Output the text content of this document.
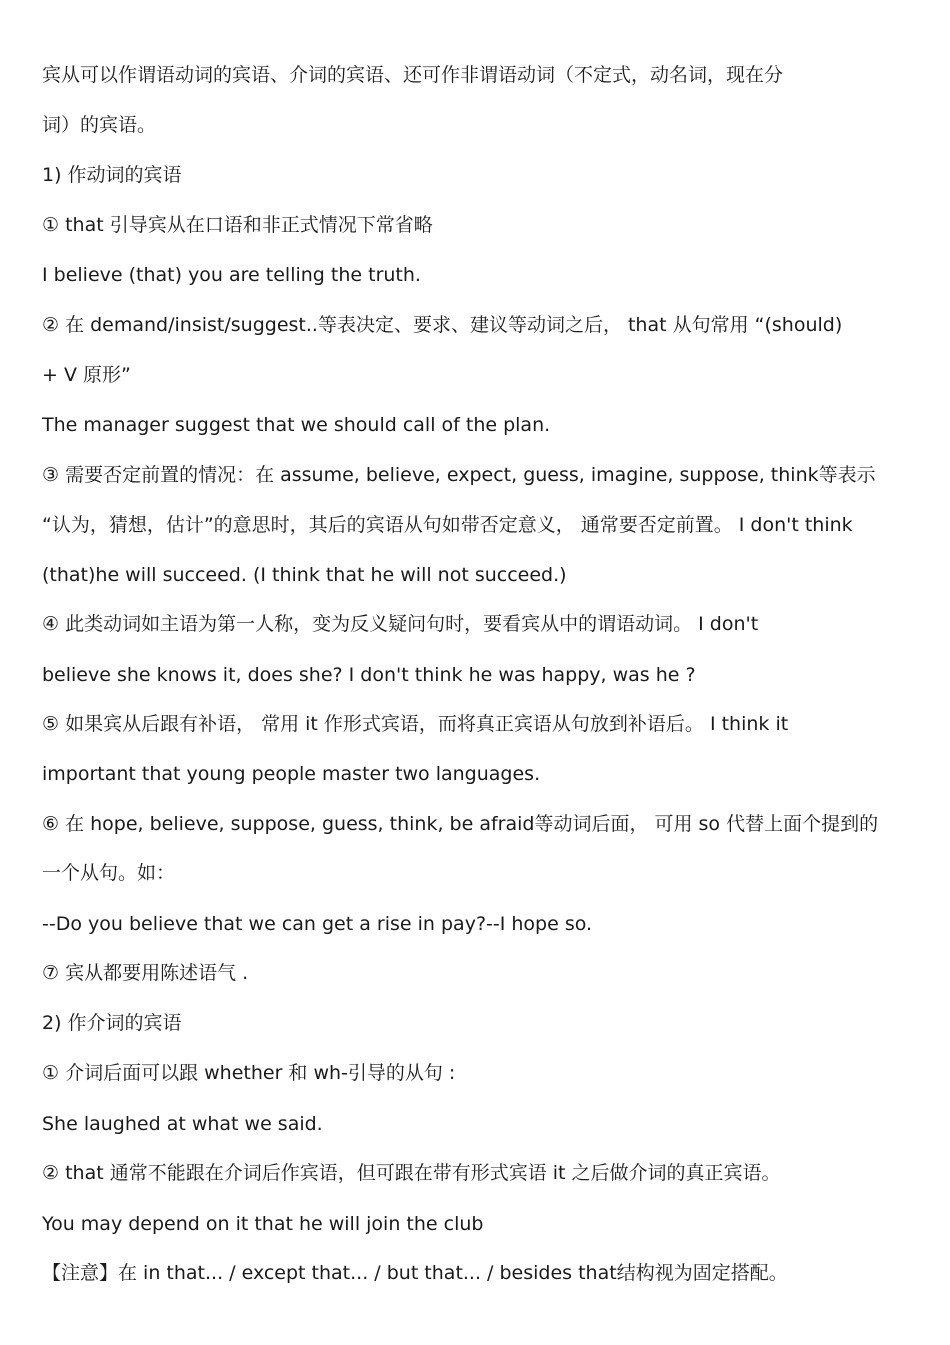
宾从可以作谓语动词的宾语、介词的宾语、还可作非谓语动词（不定式，动名词，现在分
词）的宾语。
1) 作动词的宾语
① that 引导宾从在口语和非正式情况下常省略
I believe (that) you are telling the truth.
② 在 demand/insist/suggest..等表决定、要求、建议等动词之后， that 从句常用 “(should)
+ V 原形”
The manager suggest that we should call of the plan.
③ 需要否定前置的情况：在 assume, believe, expect, guess, imagine, suppose, think等表示
“认为，猜想，估计”的意思时，其后的宾语从句如带否定意义， 通常要否定前置。 I don't think
(that)he will succeed. (I think that he will not succeed.)
④ 此类动词如主语为第一人称，变为反义疑问句时，要看宾从中的谓语动词。 I don't
believe she knows it, does she? I don't think he was happy, was he ?
⑤ 如果宾从后跟有补语， 常用 it 作形式宾语，而将真正宾语从句放到补语后。 I think it
important that young people master two languages.
⑥ 在 hope, believe, suppose, guess, think, be afraid等动词后面， 可用 so 代替上面个提到的
一个从句。如：
--Do you believe that we can get a rise in pay?--I hope so.
⑦ 宾从都要用陈述语气 .
2) 作介词的宾语
① 介词后面可以跟 whether 和 wh-引导的从句 :
She laughed at what we said.
② that 通常不能跟在介词后作宾语，但可跟在带有形式宾语 it 之后做介词的真正宾语。
You may depend on it that he will join the club
【注意】在 in that... / except that... / but that... / besides that结构视为固定搭配。
